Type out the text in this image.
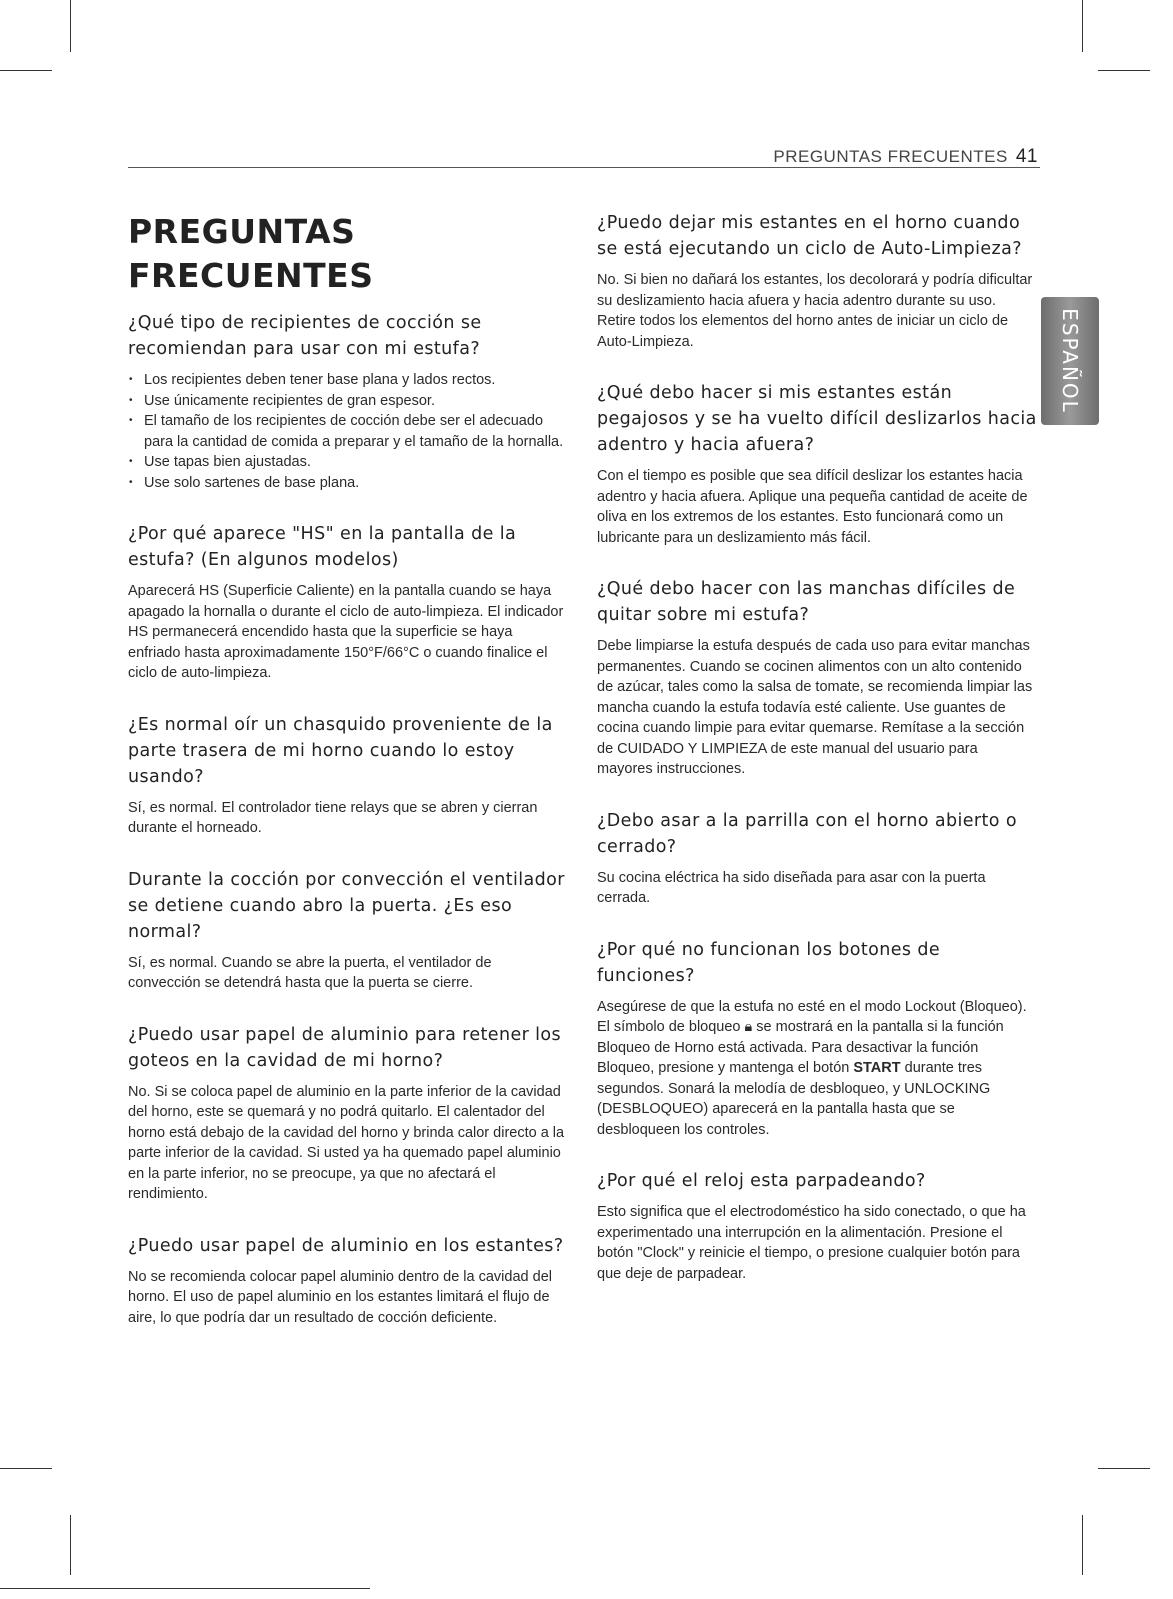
PREGUNTAS FRECUENTES 41
ESPAÑOL
PREGUNTAS
FRECUENTES
¿Qué tipo de recipientes de cocción se recomiendan para usar con mi estufa?
• Los recipientes deben tener base plana y lados rectos.
• Use únicamente recipientes de gran espesor.
• El tamaño de los recipientes de cocción debe ser el adecuado para la cantidad de comida a preparar y el tamaño de la hornalla.
• Use tapas bien ajustadas.
• Use solo sartenes de base plana.
¿Por qué aparece "HS" en la pantalla de la estufa? (En algunos modelos)

Aparecerá HS (Superficie Caliente) en la pantalla cuando se haya apagado la hornalla o durante el ciclo de auto-limpieza. El indicador HS permanecerá encendido hasta que la superficie se haya enfriado hasta aproximadamente 150°F/66°C o cuando finalice el ciclo de auto-limpieza.

¿Es normal oír un chasquido proveniente de la parte trasera de mi horno cuando lo estoy usando?

Sí, es normal. El controlador tiene relays que se abren y cierran durante el horneado.

Durante la cocción por convección el ventilador se detiene cuando abro la puerta. ¿Es eso normal?

Sí, es normal. Cuando se abre la puerta, el ventilador de convección se detendrá hasta que la puerta se cierre.

¿Puedo usar papel de aluminio para retener los goteos en la cavidad de mi horno?

No. Si se coloca papel de aluminio en la parte inferior de la cavidad del horno, este se quemará y no podrá quitarlo. El calentador del horno está debajo de la cavidad del horno y brinda calor directo a la parte inferior de la cavidad. Si usted ya ha quemado papel aluminio en la parte inferior, no se preocupe, ya que no afectará el rendimiento.

¿Puedo usar papel de aluminio en los estantes?

No se recomienda colocar papel aluminio dentro de la cavidad del horno. El uso de papel aluminio en los estantes limitará el flujo de aire, lo que podría dar un resultado de cocción deficiente.

¿Puedo dejar mis estantes en el horno cuando se está ejecutando un ciclo de Auto-Limpieza?

No. Si bien no dañará los estantes, los decolorará y podría dificultar su deslizamiento hacia afuera y hacia adentro durante su uso. Retire todos los elementos del horno antes de iniciar un ciclo de Auto-Limpieza.

¿Qué debo hacer si mis estantes están pegajosos y se ha vuelto difícil deslizarlos hacia adentro y hacia afuera?

Con el tiempo es posible que sea difícil deslizar los estantes hacia adentro y hacia afuera. Aplique una pequeña cantidad de aceite de oliva en los extremos de los estantes. Esto funcionará como un lubricante para un deslizamiento más fácil.

¿Qué debo hacer con las manchas difíciles de quitar sobre mi estufa?

Debe limpiarse la estufa después de cada uso para evitar manchas permanentes. Cuando se cocinen alimentos con un alto contenido de azúcar, tales como la salsa de tomate, se recomienda limpiar las mancha cuando la estufa todavía esté caliente. Use guantes de cocina cuando limpie para evitar quemarse. Remítase a la sección de CUIDADO Y LIMPIEZA de este manual del usuario para mayores instrucciones.

¿Debo asar a la parrilla con el horno abierto o cerrado?

Su cocina eléctrica ha sido diseñada para asar con la puerta cerrada.

¿Por qué no funcionan los botones de funciones?

Asegúrese de que la estufa no esté en el modo Lockout (Bloqueo). El símbolo de bloqueo 🔒︎ se mostrará en la pantalla si la función Bloqueo de Horno está activada. Para desactivar la función Bloqueo, presione y mantenga el botón START durante tres segundos. Sonará la melodía de desbloqueo, y UNLOCKING (DESBLOQUEO) aparecerá en la pantalla hasta que se desbloqueen los controles.

¿Por qué el reloj esta parpadeando?

Esto significa que el electrodoméstico ha sido conectado, o que ha experimentado una interrupción en la alimentación. Presione el botón "Clock" y reinicie el tiempo, o presione cualquier botón para que deje de parpadear.
